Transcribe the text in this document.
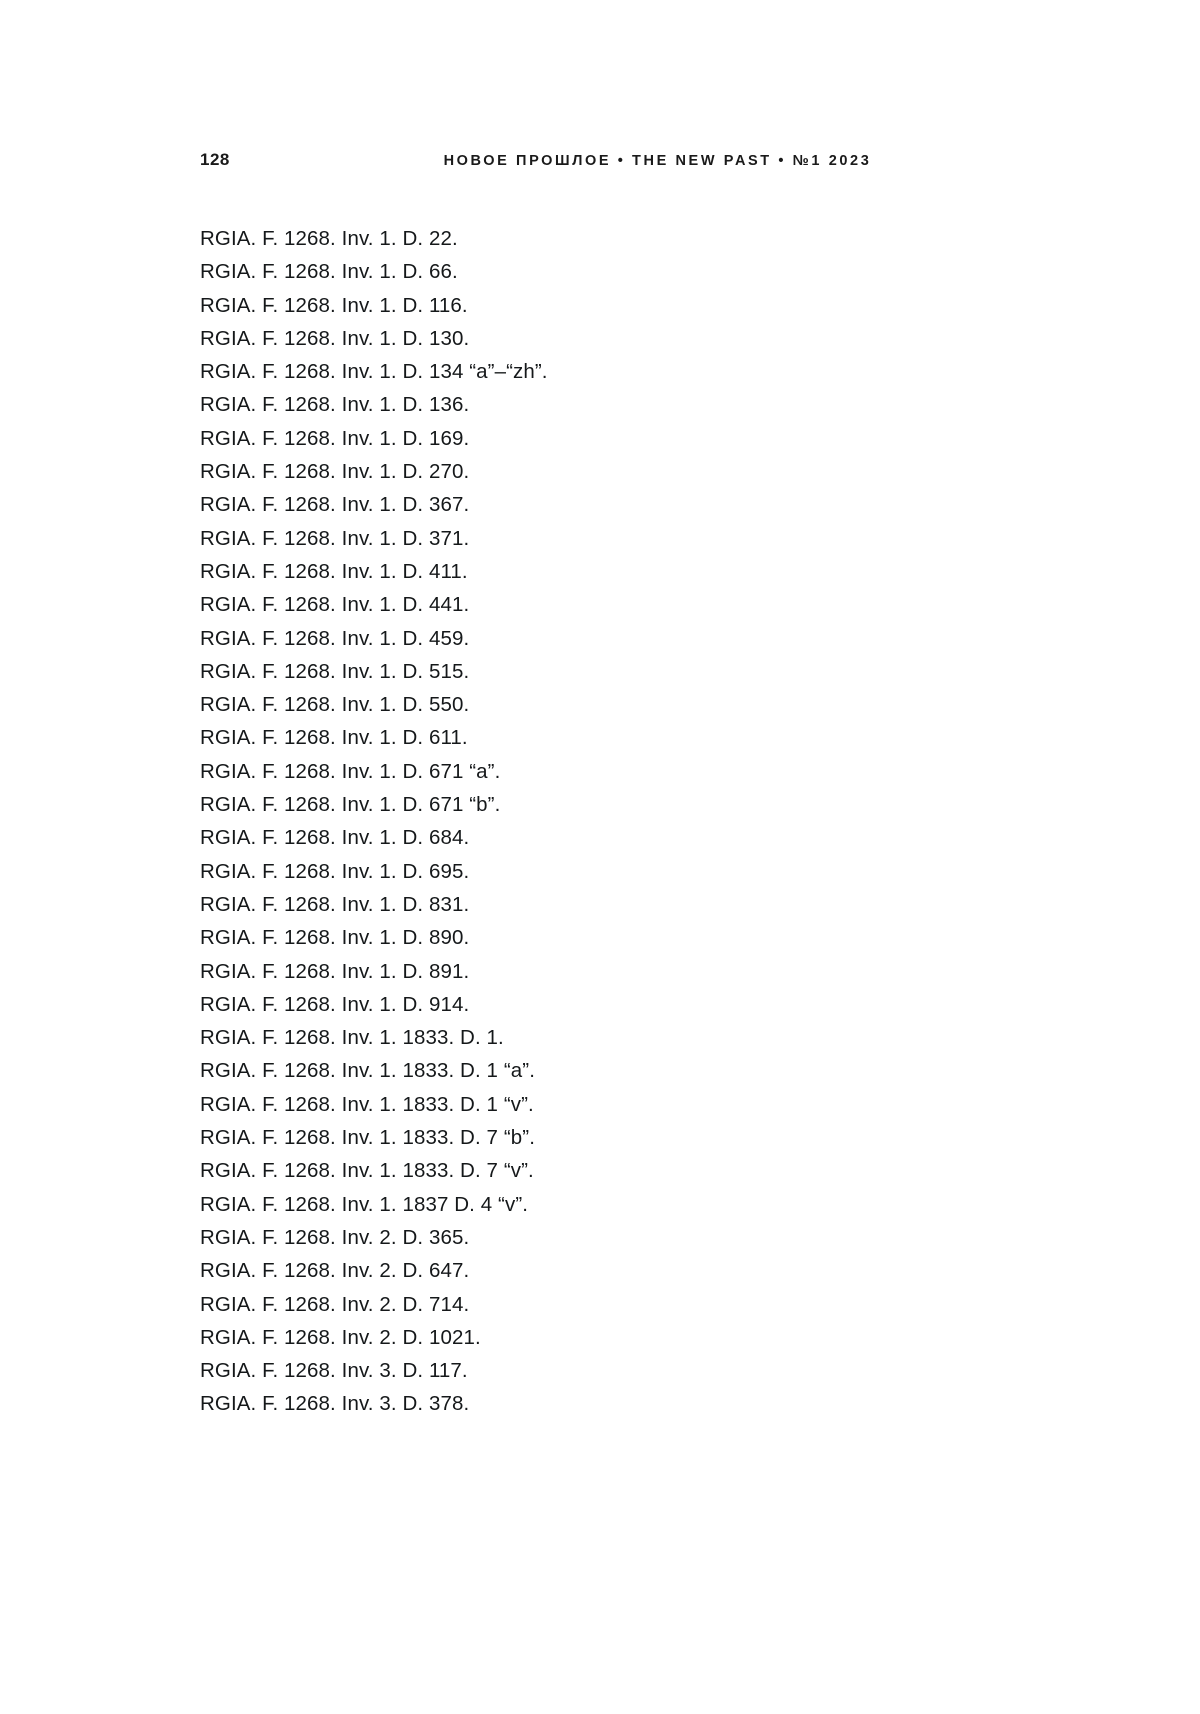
128	НОВОЕ ПРОШЛОЕ • THE NEW PAST • №1 2023
RGIA. F. 1268. Inv. 1. D. 22.
RGIA. F. 1268. Inv. 1. D. 66.
RGIA. F. 1268. Inv. 1. D. 116.
RGIA. F. 1268. Inv. 1. D. 130.
RGIA. F. 1268. Inv. 1. D. 134 “a”–“zh”.
RGIA. F. 1268. Inv. 1. D. 136.
RGIA. F. 1268. Inv. 1. D. 169.
RGIA. F. 1268. Inv. 1. D. 270.
RGIA. F. 1268. Inv. 1. D. 367.
RGIA. F. 1268. Inv. 1. D. 371.
RGIA. F. 1268. Inv. 1. D. 411.
RGIA. F. 1268. Inv. 1. D. 441.
RGIA. F. 1268. Inv. 1. D. 459.
RGIA. F. 1268. Inv. 1. D. 515.
RGIA. F. 1268. Inv. 1. D. 550.
RGIA. F. 1268. Inv. 1. D. 611.
RGIA. F. 1268. Inv. 1. D. 671 “a”.
RGIA. F. 1268. Inv. 1. D. 671 “b”.
RGIA. F. 1268. Inv. 1. D. 684.
RGIA. F. 1268. Inv. 1. D. 695.
RGIA. F. 1268. Inv. 1. D. 831.
RGIA. F. 1268. Inv. 1. D. 890.
RGIA. F. 1268. Inv. 1. D. 891.
RGIA. F. 1268. Inv. 1. D. 914.
RGIA. F. 1268. Inv. 1. 1833. D. 1.
RGIA. F. 1268. Inv. 1. 1833. D. 1 “a”.
RGIA. F. 1268. Inv. 1. 1833. D. 1 “v”.
RGIA. F. 1268. Inv. 1. 1833. D. 7 “b”.
RGIA. F. 1268. Inv. 1. 1833. D. 7 “v”.
RGIA. F. 1268. Inv. 1. 1837 D. 4 “v”.
RGIA. F. 1268. Inv. 2. D. 365.
RGIA. F. 1268. Inv. 2. D. 647.
RGIA. F. 1268. Inv. 2. D. 714.
RGIA. F. 1268. Inv. 2. D. 1021.
RGIA. F. 1268. Inv. 3. D. 117.
RGIA. F. 1268. Inv. 3. D. 378.
